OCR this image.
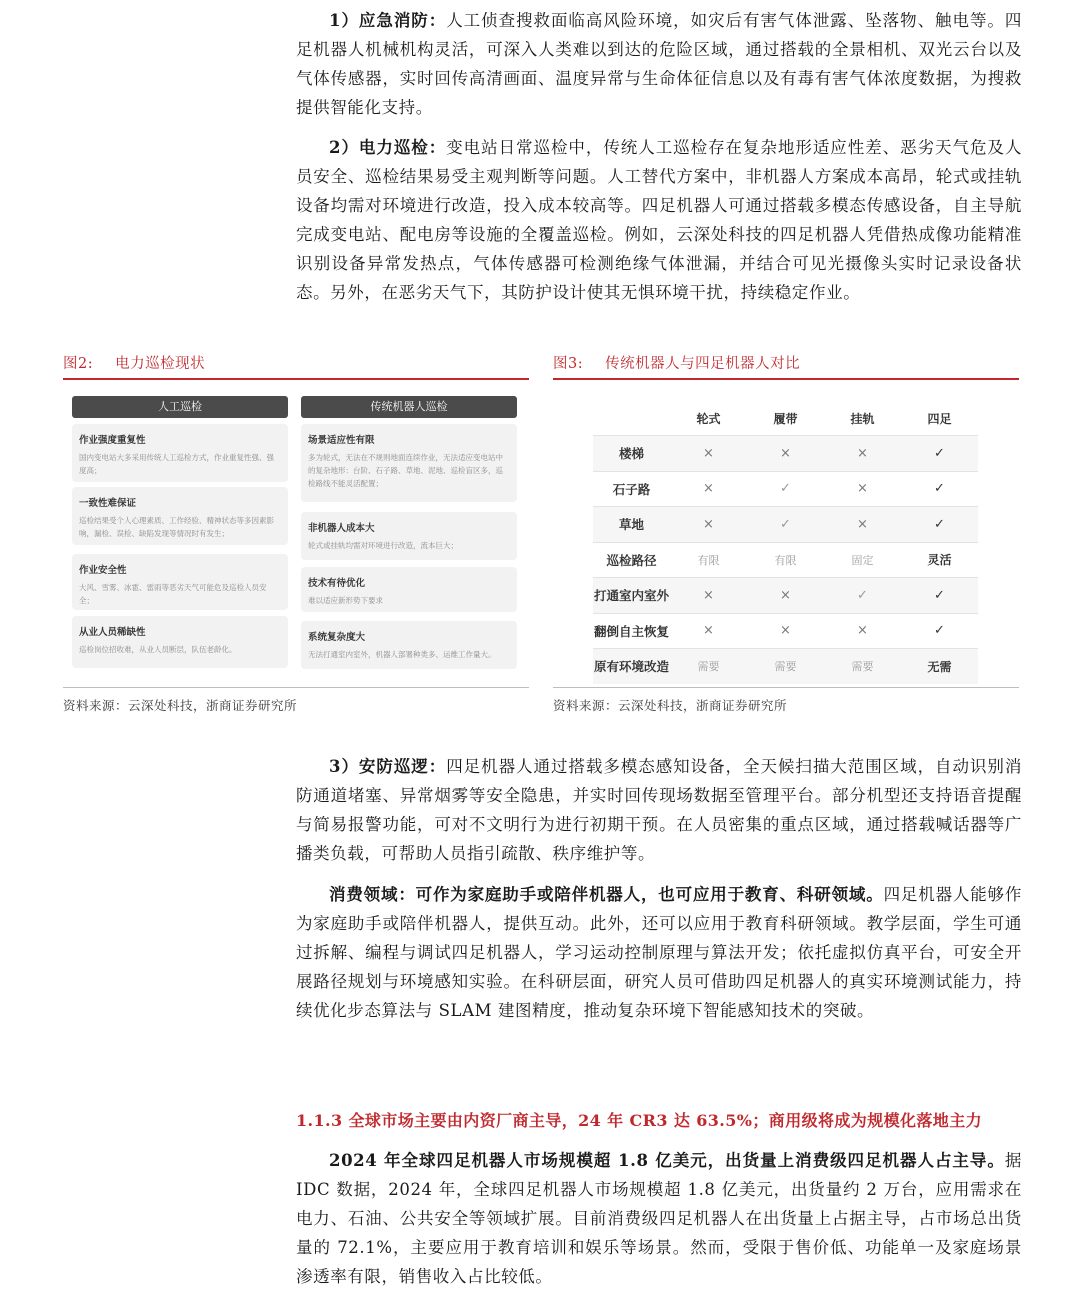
1）应急消防：人工侦查搜救面临高风险环境，如灾后有害气体泄露、坠落物、触电等。四足机器人机械机构灵活，可深入人类难以到达的危险区域，通过搭载的全景相机、双光云台以及气体传感器，实时回传高清画面、温度异常与生命体征信息以及有毒有害气体浓度数据，为搜救提供智能化支持。
2）电力巡检：变电站日常巡检中，传统人工巡检存在复杂地形适应性差、恶劣天气危及人员安全、巡检结果易受主观判断等问题。人工替代方案中，非机器人方案成本高昂，轮式或挂轨设备均需对环境进行改造，投入成本较高等。四足机器人可通过搭载多模态传感设备，自主导航完成变电站、配电房等设施的全覆盖巡检。例如，云深处科技的四足机器人凭借热成像功能精准识别设备异常发热点，气体传感器可检测绝缘气体泄漏，并结合可见光摄像头实时记录设备状态。另外，在恶劣天气下，其防护设计使其无惧环境干扰，持续稳定作业。
图2: 电力巡检现状
人工巡检	传统机器人巡检
作业强度重复性
国内变电站大多采用传统人工巡检方式，作业重复性强、强度高；
一致性难保证
巡检结果受个人心理素质、工作经验、精神状态等多因素影响，漏检、误检、缺陷发现等情况时有发生；
作业安全性
大风、雪雾、冰雹、雷雨等恶劣天气可能危及巡检人员安全；
从业人员稀缺性
巡检岗位招收难，从业人员断层，队伍老龄化。
场景适应性有限
多为轮式，无法在不规则地面连续作业，无法适应变电站中的复杂地形：台阶、石子路、草地、泥地、巡检盲区多，巡检路线不能灵活配置；
非机器人成本大
轮式或挂轨均需对环境进行改造，流本巨大；
技术有待优化
难以适应新形势下要求
系统复杂度大
无法打通室内室外，机器人部署种类多、运维工作量大。
资料来源：云深处科技，浙商证券研究所
图3: 传统机器人与四足机器人对比
	轮式	履带	挂轨	四足
楼梯	×	×	×	✓
石子路	×	✓	×	✓
草地	×	✓	×	✓
巡检路径	有限	有限	固定	灵活
打通室内室外	×	×	✓	✓
翻倒自主恢复	×	×	×	✓
原有环境改造	需要	需要	需要	无需
资料来源：云深处科技，浙商证券研究所
3）安防巡逻：四足机器人通过搭载多模态感知设备，全天候扫描大范围区域，自动识别消防通道堵塞、异常烟雾等安全隐患，并实时回传现场数据至管理平台。部分机型还支持语音提醒与简易报警功能，可对不文明行为进行初期干预。在人员密集的重点区域，通过搭载喊话器等广播类负载，可帮助人员指引疏散、秩序维护等。
消费领域：可作为家庭助手或陪伴机器人，也可应用于教育、科研领域。四足机器人能够作为家庭助手或陪伴机器人，提供互动。此外，还可以应用于教育科研领域。教学层面，学生可通过拆解、编程与调试四足机器人，学习运动控制原理与算法开发；依托虚拟仿真平台，可安全开展路径规划与环境感知实验。在科研层面，研究人员可借助四足机器人的真实环境测试能力，持续优化步态算法与 SLAM 建图精度，推动复杂环境下智能感知技术的突破。
1.1.3 全球市场主要由内资厂商主导，24 年 CR3 达 63.5%；商用级将成为规模化落地主力
2024 年全球四足机器人市场规模超 1.8 亿美元，出货量上消费级四足机器人占主导。据 IDC 数据，2024 年，全球四足机器人市场规模超 1.8 亿美元，出货量约 2 万台，应用需求在电力、石油、公共安全等领域扩展。目前消费级四足机器人在出货量上占据主导，占市场总出货量的 72.1%，主要应用于教育培训和娱乐等场景。然而，受限于售价低、功能单一及家庭场景渗透率有限，销售收入占比较低。
